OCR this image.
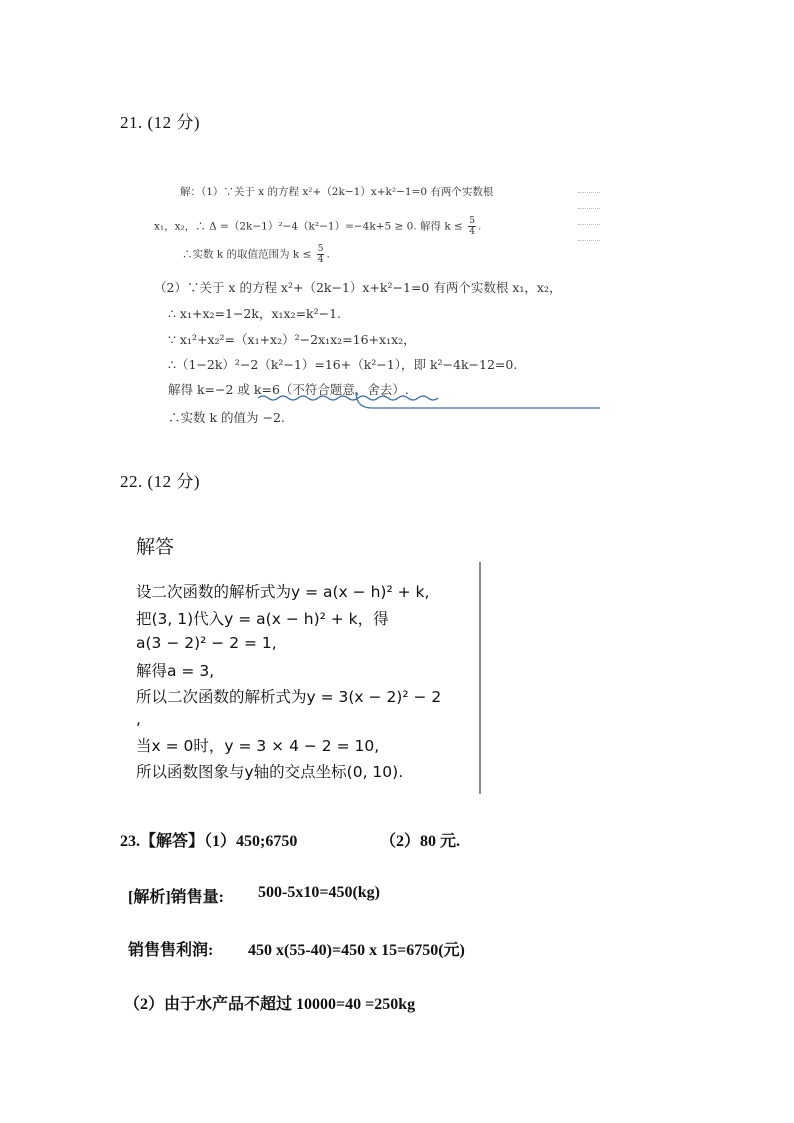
21. (12 分)
解：（1）∵关于 x 的方程 x²+（2k−1）x+k²−1=0 有两个实数根
x₁，x₂，∴ Δ =（2k−1）²−4（k²−1）=−4k+5 ≥ 0. 解得 $k \le \frac{5}{4}$ .
∴实数 k 的取值范围为 $k \le \frac{5}{4}$ .
（2）∵关于 x 的方程 x²+（2k−1）x+k²−1=0 有两个实数根 x₁，x₂，
∴ x₁+x₂=1−2k，x₁x₂=k²−1.
∵ x₁²+x₂²=（x₁+x₂）²−2x₁x₂=16+x₁x₂，
∴（1−2k）²−2（k²−1）=16+（k²−1），即 k²−4k−12=0.
解得 k=−2 或 k=6（不符合题意，舍去）.
∴实数 k 的值为 −2.
22. (12 分)
解答
设二次函数的解析式为y = a(x − h)² + k,
把(3, 1)代入y = a(x − h)² + k，得
a(3 − 2)² − 2 = 1,
解得a = 3,
所以二次函数的解析式为y = 3(x − 2)² − 2
,
当x = 0时，y = 3 × 4 − 2 = 10,
所以函数图象与y轴的交点坐标(0, 10).
23.【解答】（1）450;6750	（2）80 元.
[解析]销售量: 500-5x10=450(kg)
销售售利润: 450 x(55-40)=450 x 15=6750(元)
（2）由于水产品不超过 10000=40 =250kg
